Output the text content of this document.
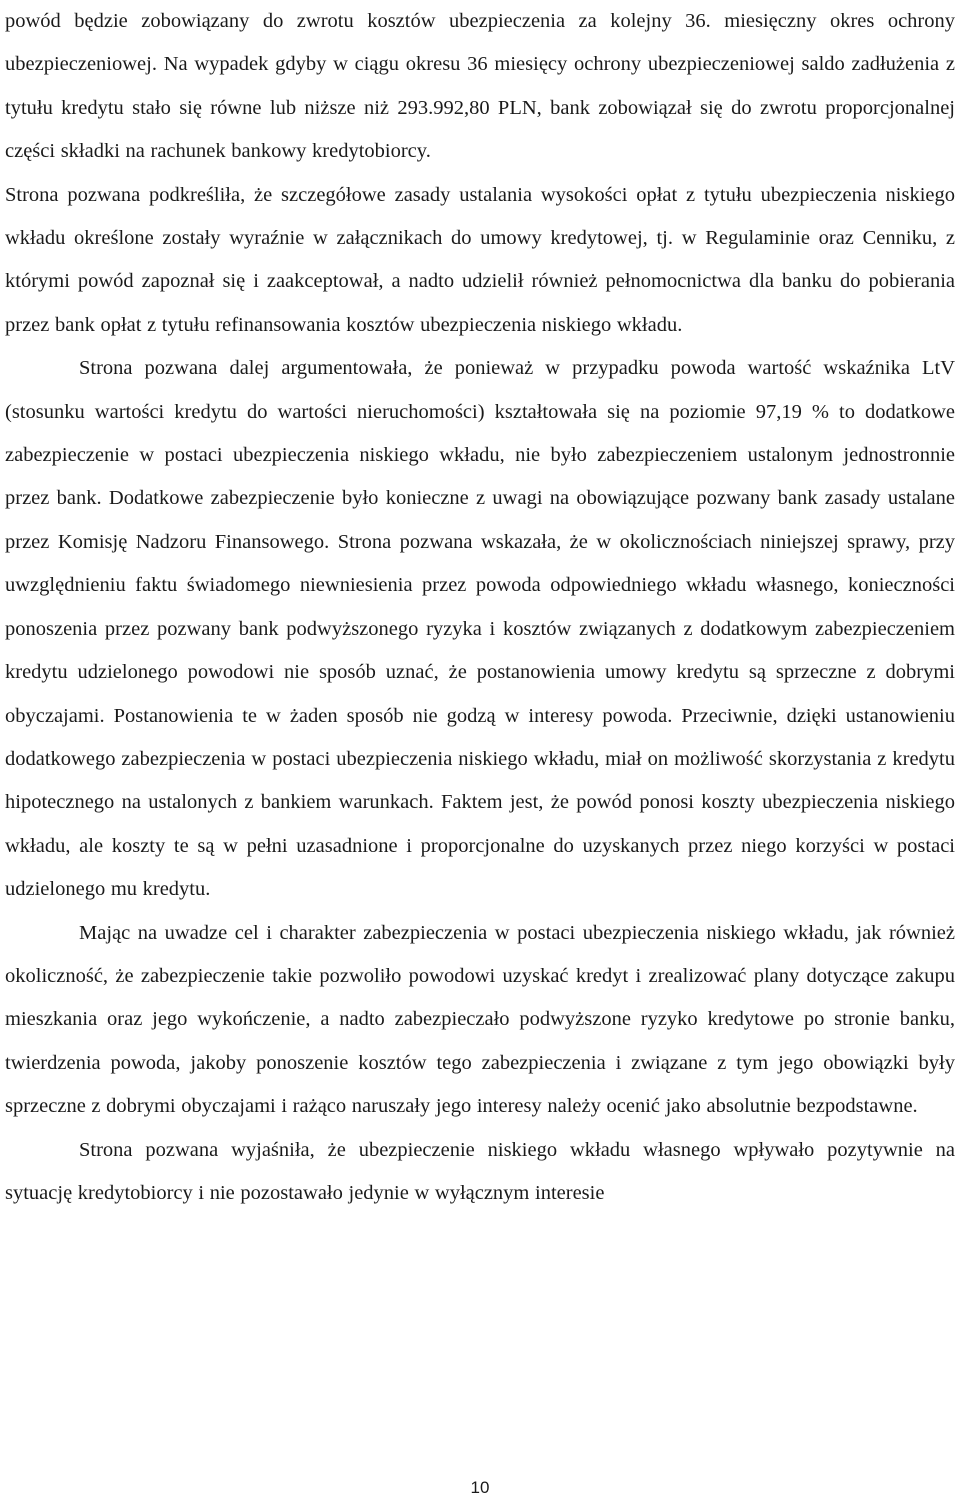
powód będzie zobowiązany do zwrotu kosztów ubezpieczenia za kolejny 36. miesięczny okres ochrony ubezpieczeniowej. Na wypadek gdyby w ciągu okresu 36 miesięcy ochrony ubezpieczeniowej saldo zadłużenia z tytułu kredytu stało się równe lub niższe niż 293.992,80 PLN, bank zobowiązał się do zwrotu proporcjonalnej części składki na rachunek bankowy kredytobiorcy.

Strona pozwana podkreśliła, że szczegółowe zasady ustalania wysokości opłat z tytułu ubezpieczenia niskiego wkładu określone zostały wyraźnie w załącznikach do umowy kredytowej, tj. w Regulaminie oraz Cenniku, z którymi powód zapoznał się i zaakceptował, a nadto udzielił również pełnomocnictwa dla banku do pobierania przez bank opłat z tytułu refinansowania kosztów ubezpieczenia niskiego wkładu.

Strona pozwana dalej argumentowała, że ponieważ w przypadku powoda wartość wskaźnika LtV (stosunku wartości kredytu do wartości nieruchomości) kształtowała się na poziomie 97,19 % to dodatkowe zabezpieczenie w postaci ubezpieczenia niskiego wkładu, nie było zabezpieczeniem ustalonym jednostronnie przez bank. Dodatkowe zabezpieczenie było konieczne z uwagi na obowiązujące pozwany bank zasady ustalane przez Komisję Nadzoru Finansowego. Strona pozwana wskazała, że w okolicznościach niniejszej sprawy, przy uwzględnieniu faktu świadomego niewniesienia przez powoda odpowiedniego wkładu własnego, konieczności ponoszenia przez pozwany bank podwyższonego ryzyka i kosztów związanych z dodatkowym zabezpieczeniem kredytu udzielonego powodowi nie sposób uznać, że postanowienia umowy kredytu są sprzeczne z dobrymi obyczajami. Postanowienia te w żaden sposób nie godzą w interesy powoda. Przeciwnie, dzięki ustanowieniu dodatkowego zabezpieczenia w postaci ubezpieczenia niskiego wkładu, miał on możliwość skorzystania z kredytu hipotecznego na ustalonych z bankiem warunkach. Faktem jest, że powód ponosi koszty ubezpieczenia niskiego wkładu, ale koszty te są w pełni uzasadnione i proporcjonalne do uzyskanych przez niego korzyści w postaci udzielonego mu kredytu.

Mając na uwadze cel i charakter zabezpieczenia w postaci ubezpieczenia niskiego wkładu, jak również okoliczność, że zabezpieczenie takie pozwoliło powodowi uzyskać kredyt i zrealizować plany dotyczące zakupu mieszkania oraz jego wykończenie, a nadto zabezpieczało podwyższone ryzyko kredytowe po stronie banku, twierdzenia powoda, jakoby ponoszenie kosztów tego zabezpieczenia i związane z tym jego obowiązki były sprzeczne z dobrymi obyczajami i rażąco naruszały jego interesy należy ocenić jako absolutnie bezpodstawne.

Strona pozwana wyjaśniła, że ubezpieczenie niskiego wkładu własnego wpływało pozytywnie na sytuację kredytobiorcy i nie pozostawało jedynie w wyłącznym interesie

10
